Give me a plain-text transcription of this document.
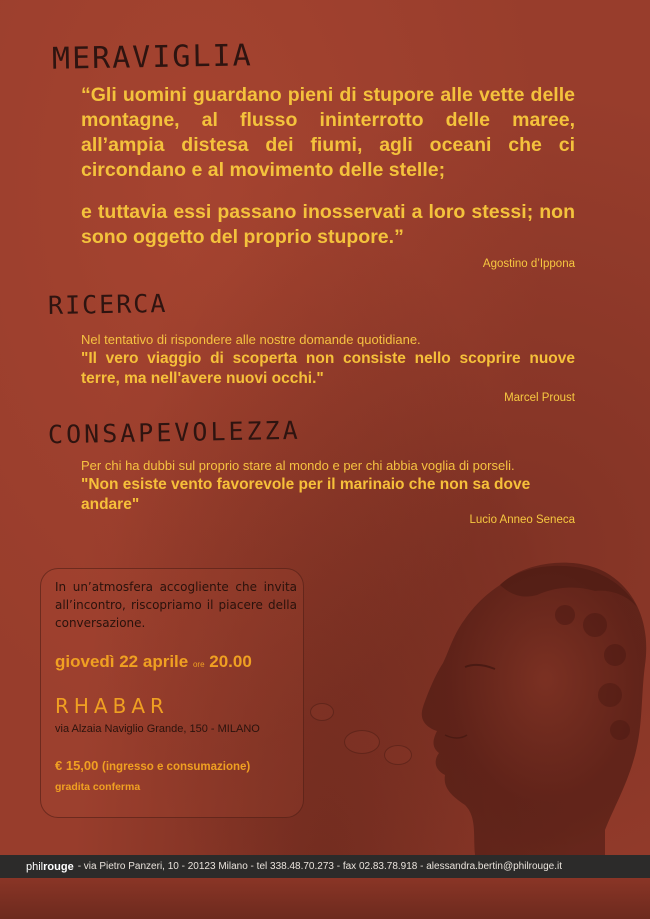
MERAVIGLIA
“Gli uomini guardano pieni di stupore alle vette delle montagne, al flusso ininterrotto delle maree, all’ampia distesa dei fiumi, agli oceani che ci circondano e al movimento delle stelle;
e tuttavia essi passano inosservati a loro stessi; non sono oggetto del proprio stupore.”
Agostino d’Ippona
RICERCA
Nel tentativo di rispondere alle nostre domande quotidiane.
"Il vero viaggio di scoperta non consiste nello scoprire nuove terre, ma nell'avere nuovi occhi."
Marcel Proust
CONSAPEVOLEZZA
Per chi ha dubbi sul proprio stare al mondo e per chi abbia voglia di porseli.
"Non esiste vento favorevole per il marinaio che non sa dove andare"
Lucio Anneo Seneca
In un’atmosfera accogliente che invita all’incontro, riscopriamo il piacere della conversazione.
giovedì 22 aprile ore 20.00
RHABAR
via Alzaia Naviglio Grande, 150 - MILANO
€ 15,00 (ingresso e consumazione)
gradita conferma
philrouge - via Pietro Panzeri, 10 - 20123 Milano - tel 338.48.70.273 - fax 02.83.78.918 - alessandra.bertin@philrouge.it
